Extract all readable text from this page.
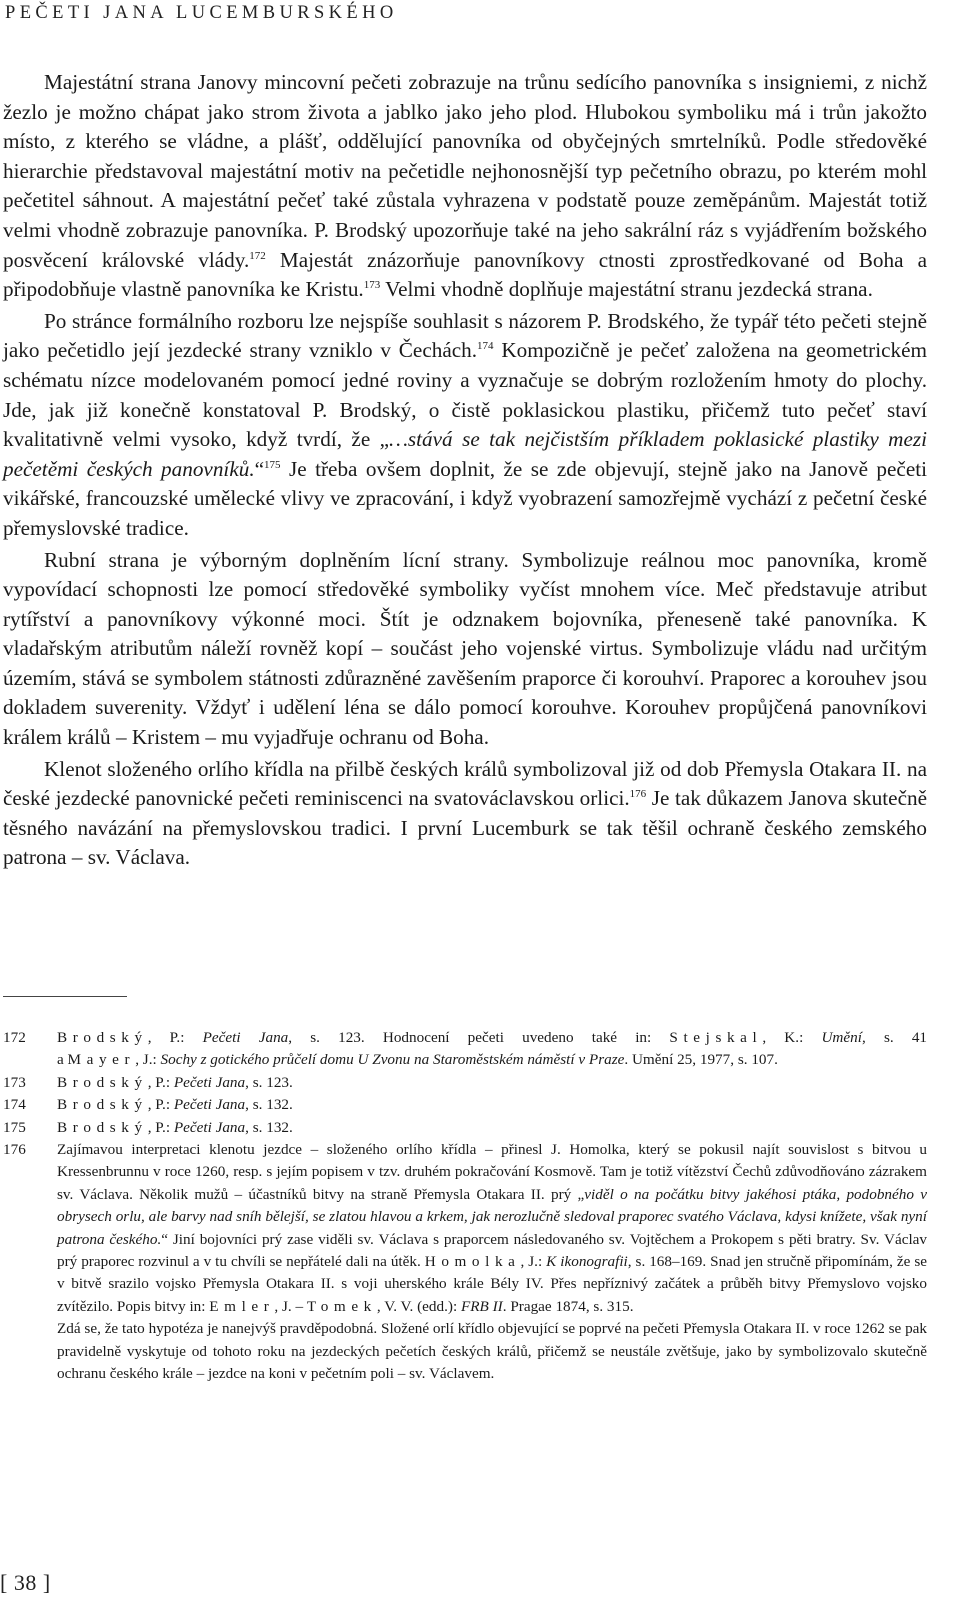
PEČETI JANA LUCEMBURSKÉHO

Majestátní strana Janovy mincovní pečeti zobrazuje na trůnu sedícího panovníka s insigniemi, z nichž žezlo je možno chápat jako strom života a jablko jako jeho plod. Hlubokou symboliku má i trůn jakožto místo, z kterého se vládne, a plášť, oddělující panovníka od obyčejných smrtelníků. Podle středověké hierarchie představoval majestátní motiv na pečetidle nejhonosnější typ pečetního obrazu, po kterém mohl pečetitel sáhnout. A majestátní pečeť také zůstala vyhrazena v podstatě pouze zeměpánům. Majestát totiž velmi vhodně zobrazuje panovníka. P. Brodský upozorňuje také na jeho sakrální ráz s vyjádřením božského posvěcení královské vlády.$^{172}$ Majestát znázorňuje panovníkovy ctnosti zprostředkované od Boha a připodobňuje vlastně panovníka ke Kristu.$^{173}$ Velmi vhodně doplňuje majestátní stranu jezdecká strana.

Po stránce formálního rozboru lze nejspíše souhlasit s názorem P. Brodského, že typář této pečeti stejně jako pečetidlo její jezdecké strany vzniklo v Čechách.$^{174}$ Kompozičně je pečeť založena na geometrickém schématu nízce modelovaném pomocí jedné roviny a vyznačuje se dobrým rozložením hmoty do plochy. Jde, jak již konečně konstatoval P. Brodský, o čistě poklasickou plastiku, přičemž tuto pečeť staví kvalitativně velmi vysoko, když tvrdí, že „…stává se tak nejčistším příkladem poklasické plastiky mezi pečetěmi českých panovníků.“$^{175}$ Je třeba ovšem doplnit, že se zde objevují, stejně jako na Janově pečeti vikářské, francouzské umělecké vlivy ve zpracování, i když vyobrazení samozřejmě vychází z pečetní české přemyslovské tradice.

Rubní strana je výborným doplněním lícní strany. Symbolizuje reálnou moc panovníka, kromě vypovídací schopnosti lze pomocí středověké symboliky vyčíst mnohem více. Meč představuje atribut rytířství a panovníkovy výkonné moci. Štít je odznakem bojovníka, přeneseně také panovníka. K vladařským atributům náleží rovněž kopí – součást jeho vojenské virtus. Symbolizuje vládu nad určitým územím, stává se symbolem státnosti zdůrazněné zavěšením praporce či korouhví. Praporec a korouhev jsou dokladem suverenity. Vždyť i udělení léna se dálo pomocí korouhve. Korouhev propůjčená panovníkovi králem králů – Kristem – mu vyjadřuje ochranu od Boha.

Klenot složeného orlího křídla na přilbě českých králů symbolizoval již od dob Přemysla Otakara II. na české jezdecké panovnické pečeti reminiscenci na svatováclavskou orlici.$^{176}$ Je tak důkazem Janova skutečně těsného navázání na přemyslovskou tradici. I první Lucemburk se tak těšil ochraně českého zemského patrona – sv. Václava.

172	Brodský, P.: Pečeti Jana, s. 123. Hodnocení pečeti uvedeno také in: Stejskal, K.: Umění, s. 41
a Mayer, J.: Sochy z gotického průčelí domu U Zvonu na Staroměstském náměstí v Praze. Umění 25, 1977, s. 107.
173	Brodský, P.: Pečeti Jana, s. 123.
174	Brodský, P.: Pečeti Jana, s. 132.
175	Brodský, P.: Pečeti Jana, s. 132.
176	Zajímavou interpretaci klenotu jezdce – složeného orlího křídla – přinesl J. Homolka, který se pokusil najít souvislost s bitvou u Kressenbrunnu v roce 1260, resp. s jejím popisem v tzv. druhém pokračování Kosmově. Tam je totiž vítězství Čechů zdůvodňováno zázrakem sv. Václava. Několik mužů – účastníků bitvy na straně Přemysla Otakara II. prý „viděl o na počátku bitvy jakéhosi ptáka, podobného v obrysech orlu, ale barvy nad sníh bělejší, se zlatou hlavou a krkem, jak nerozlučně sledoval praporec svatého Václava, kdysi knížete, však nyní patrona českého.“ Jiní bojovníci prý zase viděli sv. Václava s praporcem následovaného sv. Vojtěchem a Prokopem s pěti bratry. Sv. Václav prý praporec rozvinul a v tu chvíli se nepřátelé dali na útěk. Homolka, J.: K ikonografii, s. 168–169. Snad jen stručně připomínám, že se v bitvě srazilo vojsko Přemysla Otakara II. s voji uherského krále Bély IV. Přes nepříznivý začátek a průběh bitvy Přemyslovo vojsko zvítězilo. Popis bitvy in: Emler, J. – Tomek, V. V. (edd.): FRB II. Pragae 1874, s. 315.
Zdá se, že tato hypotéza je nanejvýš pravděpodobná. Složené orlí křídlo objevující se poprvé na pečeti Přemysla Otakara II. v roce 1262 se pak pravidelně vyskytuje od tohoto roku na jezdeckých pečetích českých králů, přičemž se neustále zvětšuje, jako by symbolizovalo skutečně ochranu českého krále – jezdce na koni v pečetním poli – sv. Václavem.
[ 38 ]
